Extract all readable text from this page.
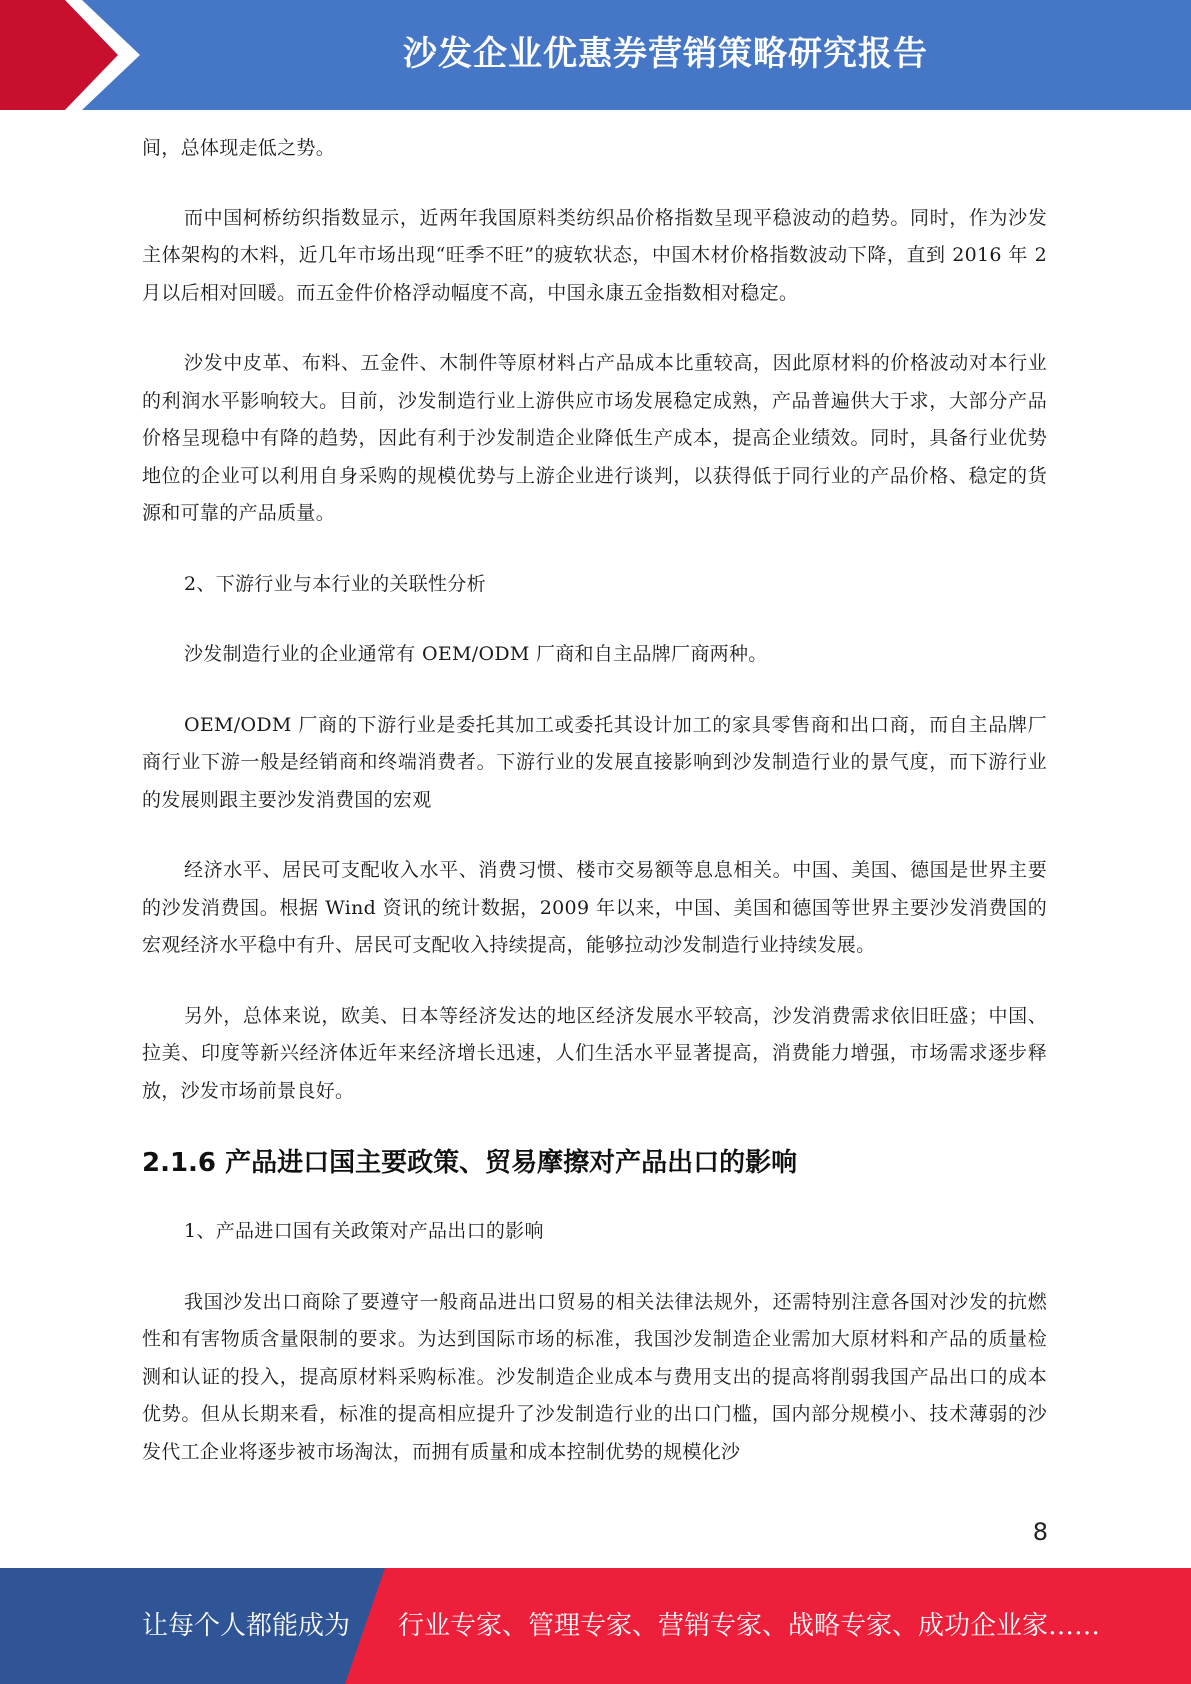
沙发企业优惠券营销策略研究报告

间，总体现走低之势。

而中国柯桥纺织指数显示，近两年我国原料类纺织品价格指数呈现平稳波动的趋势。同时，作为沙发主体架构的木料，近几年市场出现“旺季不旺”的疲软状态，中国木材价格指数波动下降，直到 2016 年 2 月以后相对回暖。而五金件价格浮动幅度不高，中国永康五金指数相对稳定。

沙发中皮革、布料、五金件、木制件等原材料占产品成本比重较高，因此原材料的价格波动对本行业的利润水平影响较大。目前，沙发制造行业上游供应市场发展稳定成熟，产品普遍供大于求，大部分产品价格呈现稳中有降的趋势，因此有利于沙发制造企业降低生产成本，提高企业绩效。同时，具备行业优势地位的企业可以利用自身采购的规模优势与上游企业进行谈判，以获得低于同行业的产品价格、稳定的货源和可靠的产品质量。

2、下游行业与本行业的关联性分析

沙发制造行业的企业通常有 OEM/ODM 厂商和自主品牌厂商两种。

OEM/ODM 厂商的下游行业是委托其加工或委托其设计加工的家具零售商和出口商，而自主品牌厂商行业下游一般是经销商和终端消费者。下游行业的发展直接影响到沙发制造行业的景气度，而下游行业的发展则跟主要沙发消费国的宏观

经济水平、居民可支配收入水平、消费习惯、楼市交易额等息息相关。中国、美国、德国是世界主要的沙发消费国。根据 Wind 资讯的统计数据，2009 年以来，中国、美国和德国等世界主要沙发消费国的宏观经济水平稳中有升、居民可支配收入持续提高，能够拉动沙发制造行业持续发展。

另外，总体来说，欧美、日本等经济发达的地区经济发展水平较高，沙发消费需求依旧旺盛；中国、拉美、印度等新兴经济体近年来经济增长迅速，人们生活水平显著提高，消费能力增强，市场需求逐步释放，沙发市场前景良好。

2.1.6 产品进口国主要政策、贸易摩擦对产品出口的影响

1、产品进口国有关政策对产品出口的影响

我国沙发出口商除了要遵守一般商品进出口贸易的相关法律法规外，还需特别注意各国对沙发的抗燃性和有害物质含量限制的要求。为达到国际市场的标准，我国沙发制造企业需加大原材料和产品的质量检测和认证的投入，提高原材料采购标准。沙发制造企业成本与费用支出的提高将削弱我国产品出口的成本优势。但从长期来看，标准的提高相应提升了沙发制造行业的出口门槛，国内部分规模小、技术薄弱的沙发代工企业将逐步被市场淘汰，而拥有质量和成本控制优势的规模化沙

8
让每个人都能成为 行业专家、管理专家、营销专家、战略专家、成功企业家……
